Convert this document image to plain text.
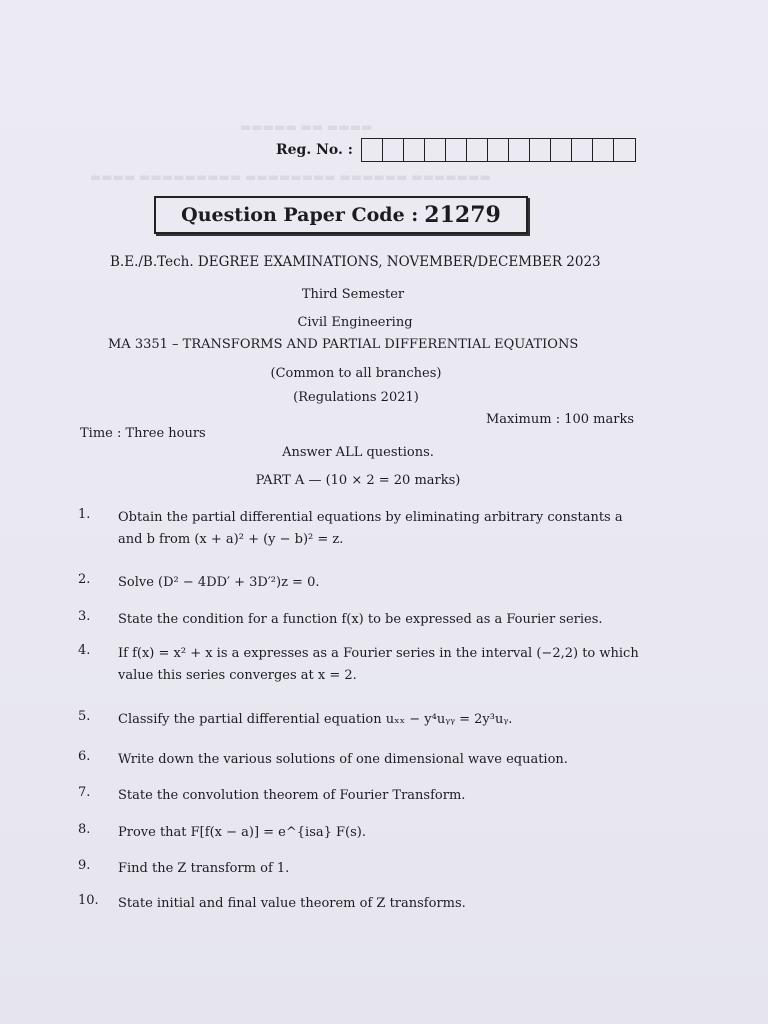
▬▬▬▬▬ ▬▬ ▬▬▬▬
▬▬▬▬ ▬▬▬▬▬▬▬▬▬ ▬▬▬▬▬▬▬▬ ▬▬▬▬▬▬ ▬▬▬▬▬▬▬
Reg. No. :
Question Paper Code : 21279
B.E./B.Tech. DEGREE EXAMINATIONS, NOVEMBER/DECEMBER 2023
Third Semester
Civil Engineering
MA 3351 – TRANSFORMS AND PARTIAL DIFFERENTIAL EQUATIONS
(Common to all branches)
(Regulations 2021)
Time : Three hours
Maximum : 100 marks
Answer ALL questions.
PART A — (10 × 2 = 20 marks)
1.	Obtain the partial differential equations by eliminating arbitrary constants a and b from (x + a)² + (y − b)² = z.
2.	Solve (D² − 4DD′ + 3D′²)z = 0.
3.	State the condition for a function f(x) to be expressed as a Fourier series.
4.	If f(x) = x² + x is a expresses as a Fourier series in the interval (−2,2) to which value this series converges at x = 2.
5.	Classify the partial differential equation uₓₓ − y⁴uᵧᵧ = 2y³uᵧ.
6.	Write down the various solutions of one dimensional wave equation.
7.	State the convolution theorem of Fourier Transform.
8.	Prove that F[f(x − a)] = e^{isa} F(s).
9.	Find the Z transform of 1.
10.	State initial and final value theorem of Z transforms.
